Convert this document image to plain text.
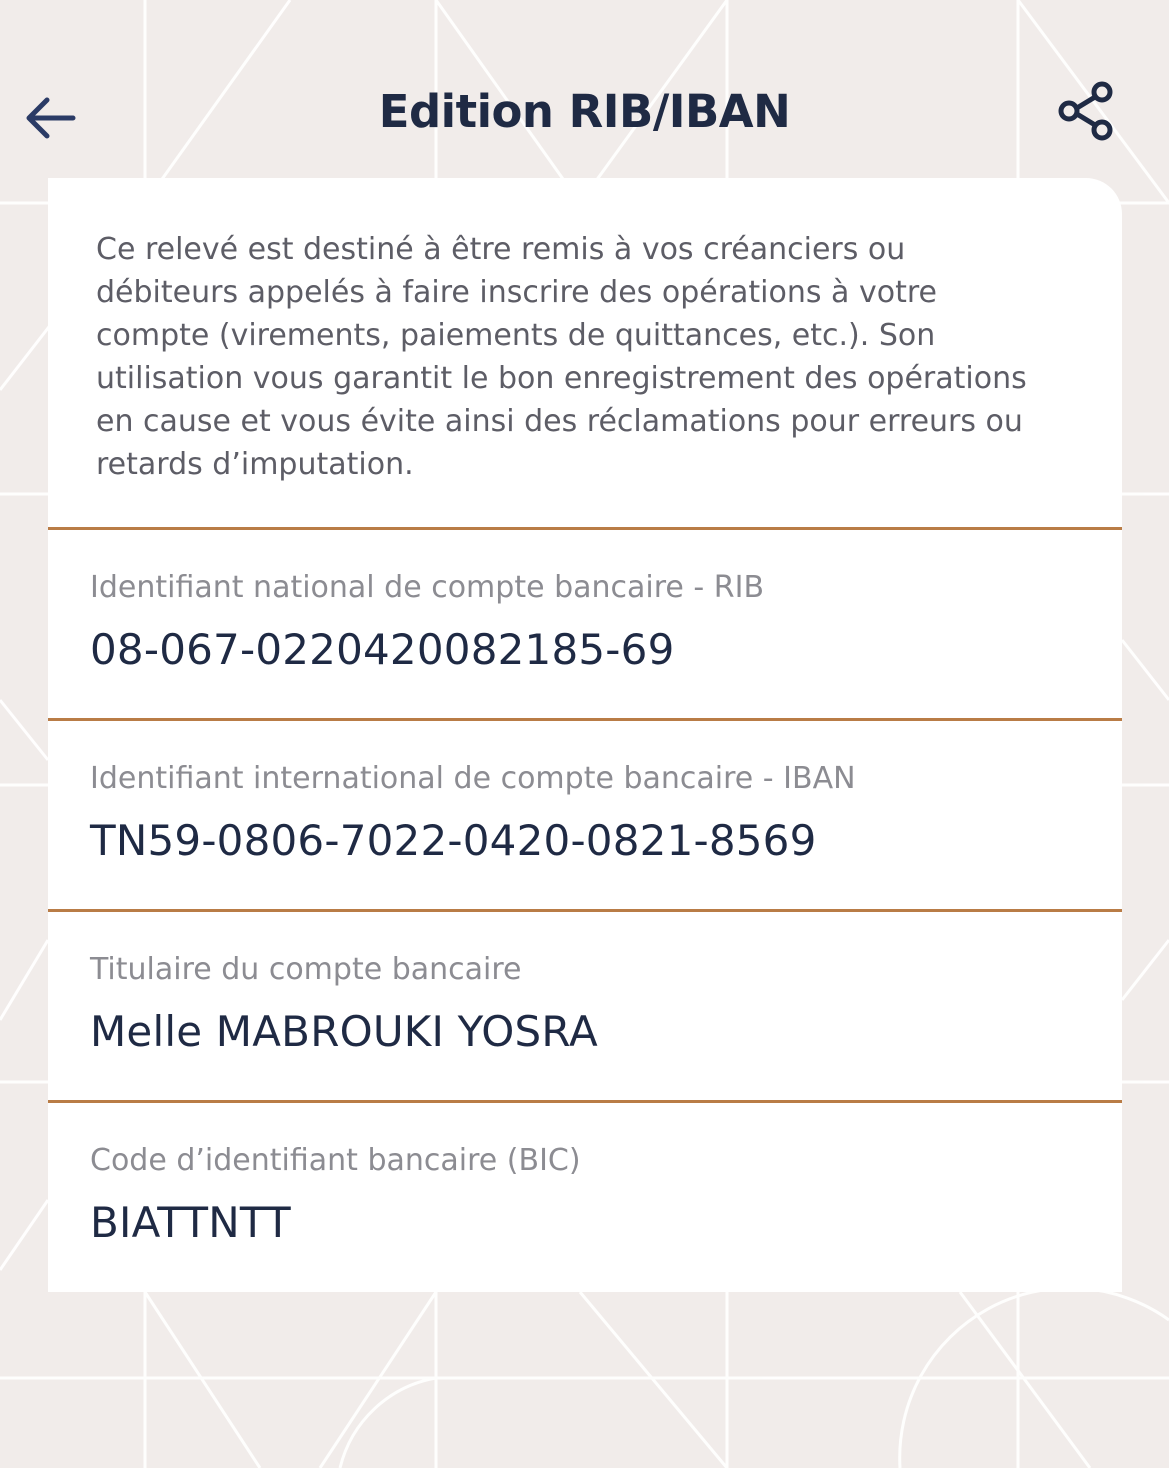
Edition RIB/IBAN

Ce relevé est destiné à être remis à vos créanciers ou débiteurs appelés à faire inscrire des opérations à votre compte (virements, paiements de quittances, etc.). Son utilisation vous garantit le bon enregistrement des opérations en cause et vous évite ainsi des réclamations pour erreurs ou retards d’imputation.

Identifiant national de compte bancaire - RIB
08-067-0220420082185-69
Identifiant international de compte bancaire - IBAN
TN59-0806-7022-0420-0821-8569
Titulaire du compte bancaire
Melle MABROUKI YOSRA
Code d’identifiant bancaire (BIC)
BIATTNTT
